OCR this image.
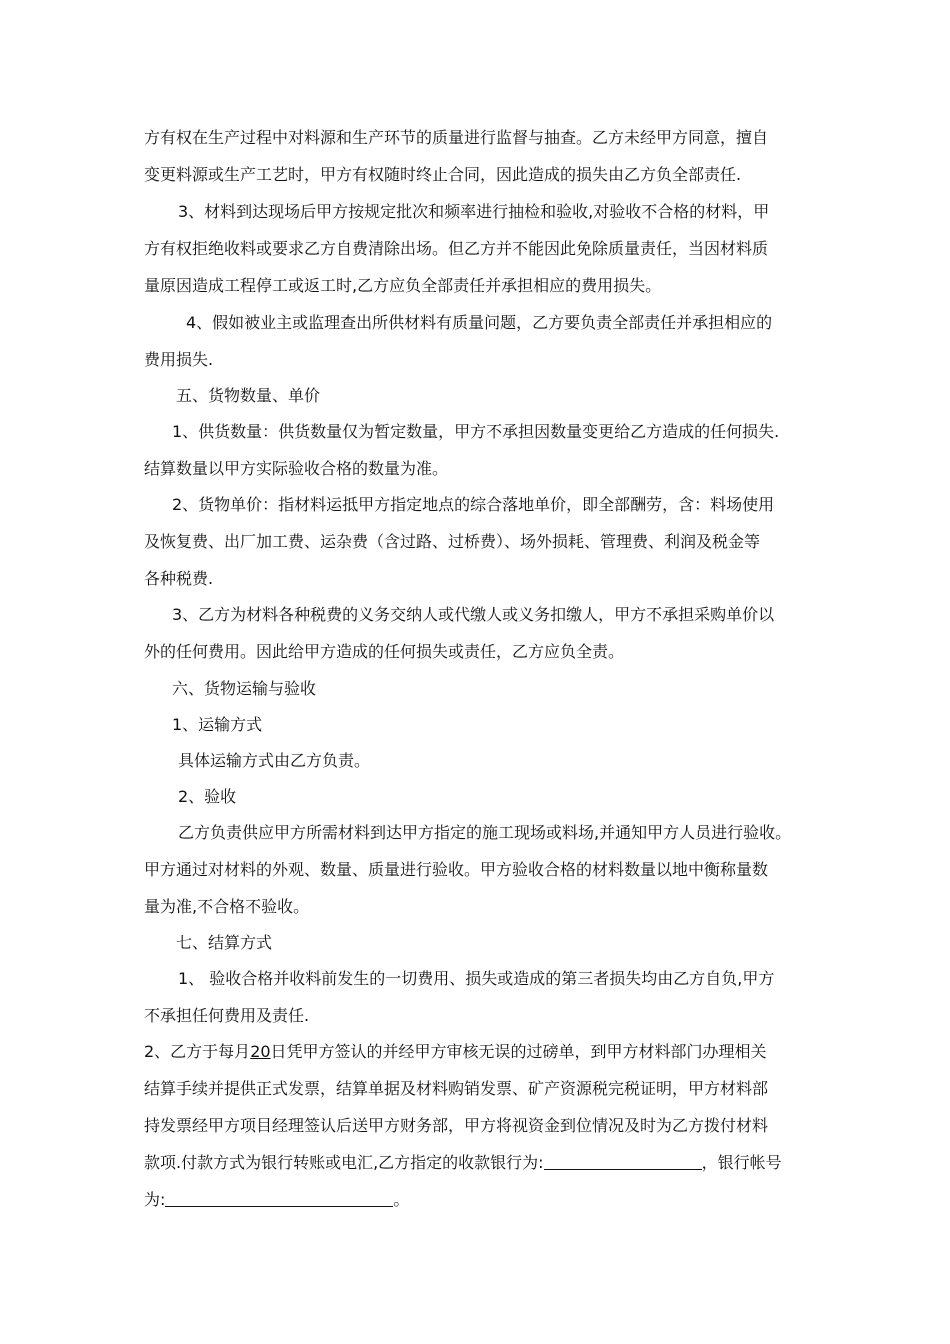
方有权在生产过程中对料源和生产环节的质量进行监督与抽查。乙方未经甲方同意，擅自
变更料源或生产工艺时，甲方有权随时终止合同，因此造成的损失由乙方负全部责任.
3、材料到达现场后甲方按规定批次和频率进行抽检和验收,对验收不合格的材料，甲
方有权拒绝收料或要求乙方自费清除出场。但乙方并不能因此免除质量责任，当因材料质
量原因造成工程停工或返工时,乙方应负全部责任并承担相应的费用损失。
4、假如被业主或监理查出所供材料有质量问题，乙方要负责全部责任并承担相应的
费用损失.
五、货物数量、单价
1、供货数量：供货数量仅为暂定数量，甲方不承担因数量变更给乙方造成的任何损失.
结算数量以甲方实际验收合格的数量为准。
2、货物单价：指材料运抵甲方指定地点的综合落地单价，即全部酬劳，含：料场使用
及恢复费、出厂加工费、运杂费（含过路、过桥费）、场外损耗、管理费、利润及税金等
各种税费.
3、乙方为材料各种税费的义务交纳人或代缴人或义务扣缴人，甲方不承担采购单价以
外的任何费用。因此给甲方造成的任何损失或责任，乙方应负全责。
六、货物运输与验收
1、运输方式
具体运输方式由乙方负责。
2、验收
乙方负责供应甲方所需材料到达甲方指定的施工现场或料场,并通知甲方人员进行验收。
甲方通过对材料的外观、数量、质量进行验收。甲方验收合格的材料数量以地中衡称量数
量为准,不合格不验收。
七、结算方式
1、 验收合格并收料前发生的一切费用、损失或造成的第三者损失均由乙方自负,甲方
不承担任何费用及责任.
2、乙方于每月20日凭甲方签认的并经甲方审核无误的过磅单，到甲方材料部门办理相关
结算手续并提供正式发票，结算单据及材料购销发票、矿产资源税完税证明，甲方材料部
持发票经甲方项目经理签认后送甲方财务部，甲方将视资金到位情况及时为乙方拨付材料
款项.付款方式为银行转账或电汇,乙方指定的收款银行为:	，银行帐号
为:	。
